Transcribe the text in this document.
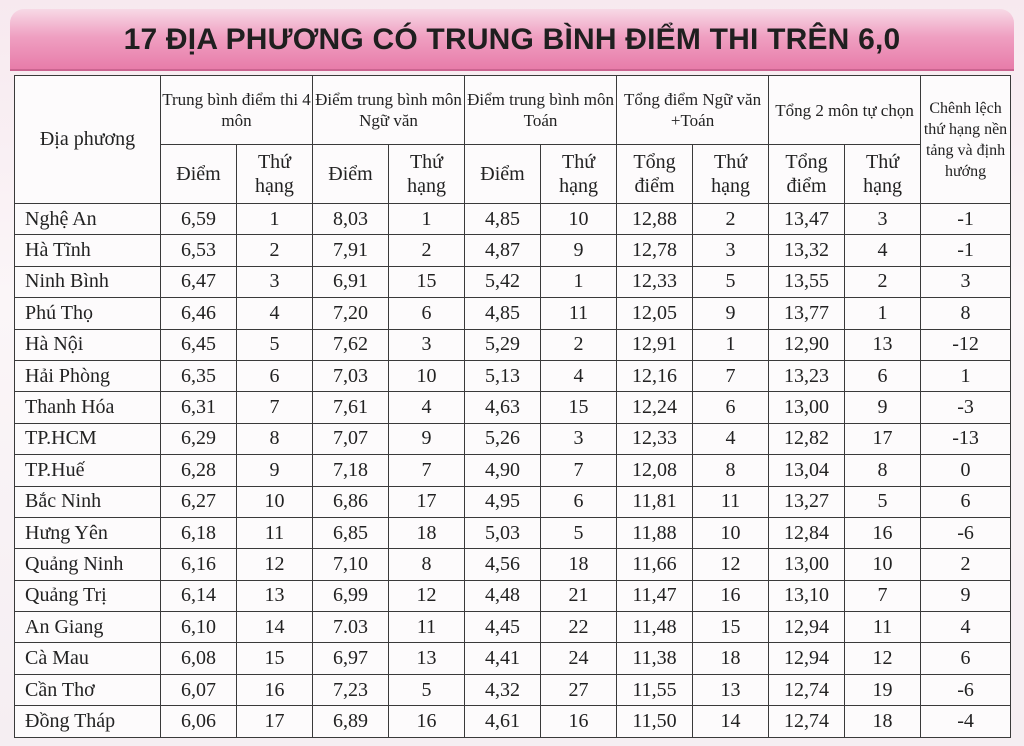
17 ĐỊA PHƯƠNG CÓ TRUNG BÌNH ĐIỂM THI TRÊN 6,0
Địa phương	Trung bình điểm thi 4 môn		Điểm trung bình môn Ngữ văn		Điểm trung bình môn Toán		Tổng điểm Ngữ văn +Toán		Tổng 2 môn tự chọn		Chênh lệch thứ hạng nền tảng và định hướng
	Điểm	Thứ hạng	Điểm	Thứ hạng	Điểm	Thứ hạng	Tổng điểm	Thứ hạng	Tổng điểm	Thứ hạng	
Nghệ An	6,59	1	8,03	1	4,85	10	12,88	2	13,47	3	-1
Hà Tĩnh	6,53	2	7,91	2	4,87	9	12,78	3	13,32	4	-1
Ninh Bình	6,47	3	6,91	15	5,42	1	12,33	5	13,55	2	3
Phú Thọ	6,46	4	7,20	6	4,85	11	12,05	9	13,77	1	8
Hà Nội	6,45	5	7,62	3	5,29	2	12,91	1	12,90	13	-12
Hải Phòng	6,35	6	7,03	10	5,13	4	12,16	7	13,23	6	1
Thanh Hóa	6,31	7	7,61	4	4,63	15	12,24	6	13,00	9	-3
TP.HCM	6,29	8	7,07	9	5,26	3	12,33	4	12,82	17	-13
TP.Huế	6,28	9	7,18	7	4,90	7	12,08	8	13,04	8	0
Bắc Ninh	6,27	10	6,86	17	4,95	6	11,81	11	13,27	5	6
Hưng Yên	6,18	11	6,85	18	5,03	5	11,88	10	12,84	16	-6
Quảng Ninh	6,16	12	7,10	8	4,56	18	11,66	12	13,00	10	2
Quảng Trị	6,14	13	6,99	12	4,48	21	11,47	16	13,10	7	9
An Giang	6,10	14	7.03	11	4,45	22	11,48	15	12,94	11	4
Cà Mau	6,08	15	6,97	13	4,41	24	11,38	18	12,94	12	6
Cần Thơ	6,07	16	7,23	5	4,32	27	11,55	13	12,74	19	-6
Đồng Tháp	6,06	17	6,89	16	4,61	16	11,50	14	12,74	18	-4
